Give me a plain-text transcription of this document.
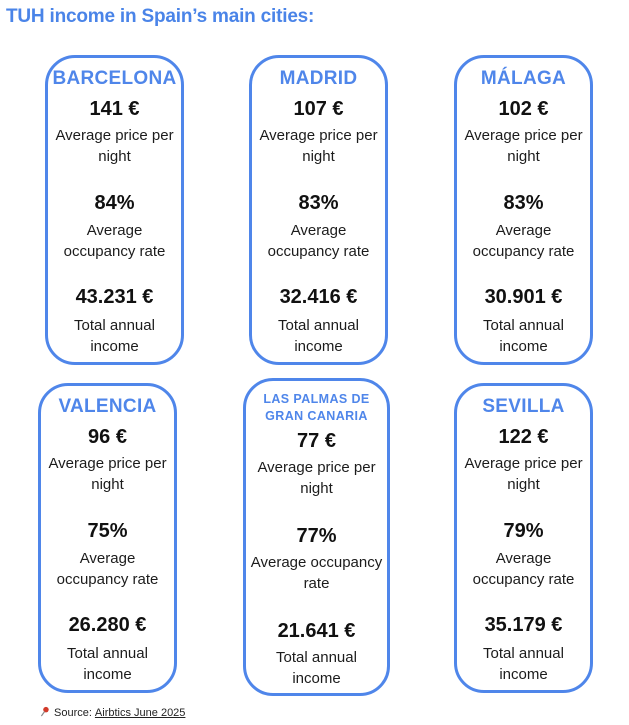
TUH income in Spain’s main cities:
BARCELONA
141 €
Average price per night
84%
Average occupancy rate
43.231 €
Total annual income
MADRID
107 €
Average price per night
83%
Average occupancy rate
32.416 €
Total annual income
MÁLAGA
102 €
Average price per night
83%
Average occupancy rate
30.901 €
Total annual income
VALENCIA
96 €
Average price per night
75%
Average occupancy rate
26.280 €
Total annual income
LAS PALMAS DE GRAN CANARIA
77 €
Average price per night
77%
Average occupancy rate
21.641 €
Total annual income
SEVILLA
122 €
Average price per night
79%
Average occupancy rate
35.179 €
Total annual income
Source: Airbtics June 2025
